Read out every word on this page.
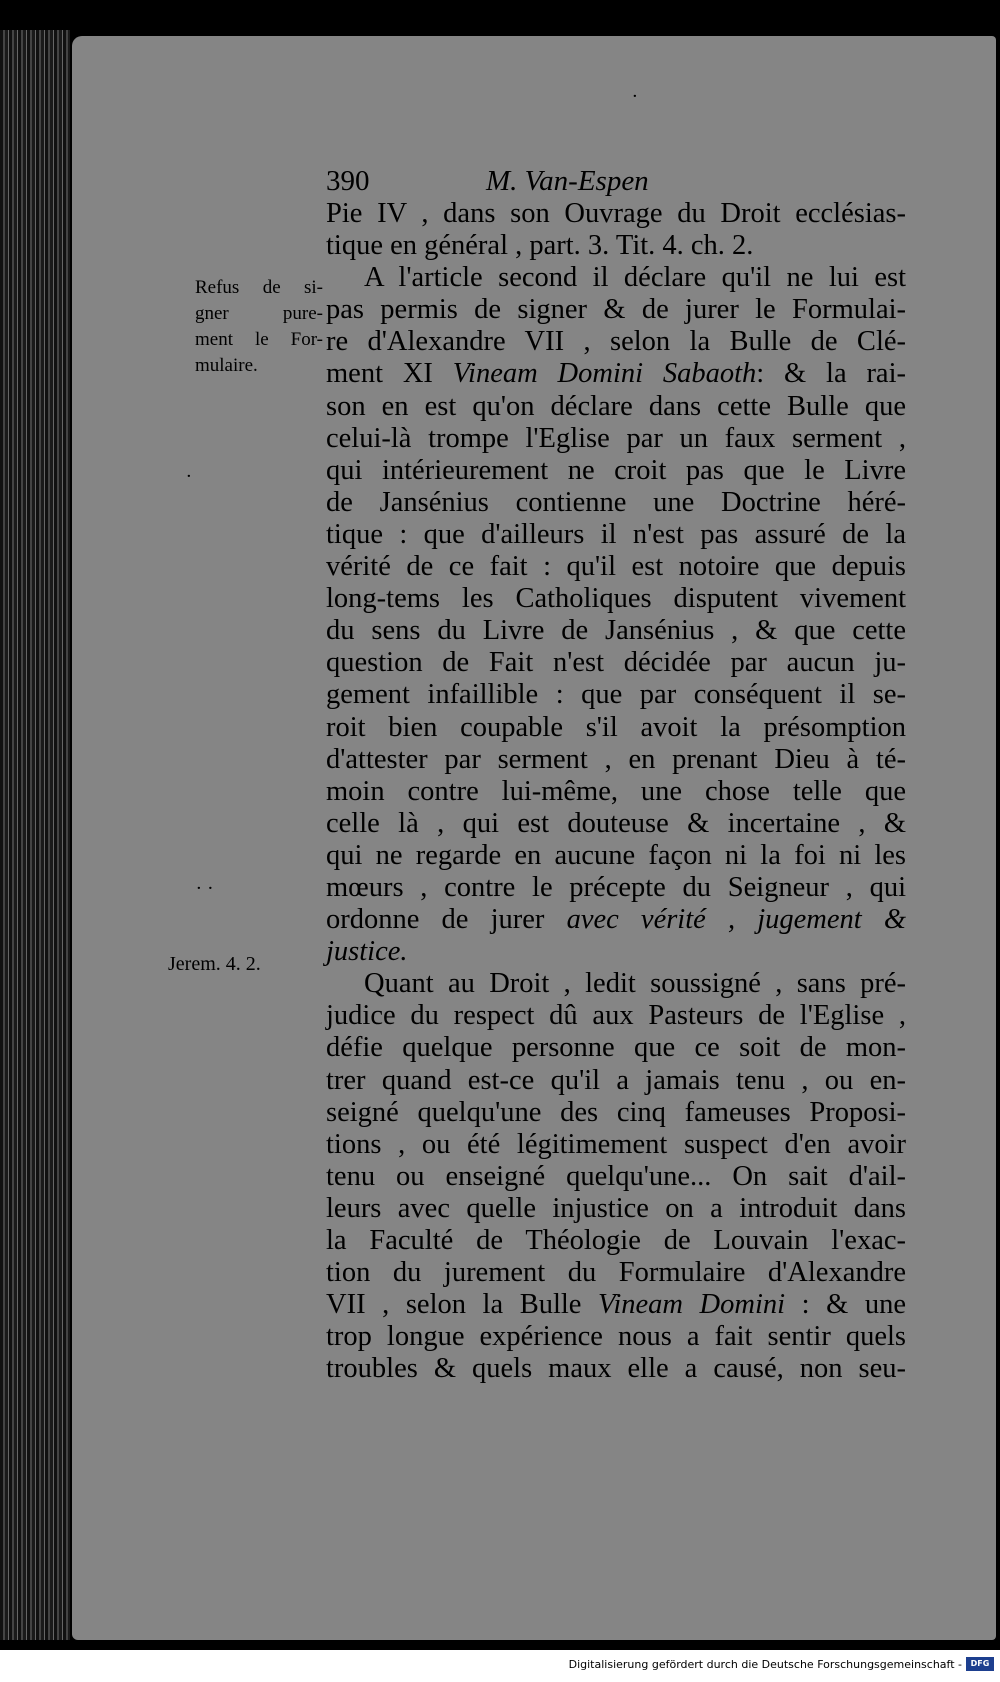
·
·
· ·
390	M. Van-Espen
Refus de si-
gner pure-
ment le For-
mulaire.
Jerem. 4. 2.
Pie IV , dans son Ouvrage du Droit ecclésias-
tique en général , part. 3. Tit. 4. ch. 2.
A l'article second il déclare qu'il ne lui est
pas permis de signer & de jurer le Formulai-
re d'Alexandre VII , selon la Bulle de Clé-
ment XI Vineam Domini Sabaoth: & la rai-
son en est qu'on déclare dans cette Bulle que
celui-là trompe l'Eglise par un faux serment ,
qui intérieurement ne croit pas que le Livre
de Jansénius contienne une Doctrine héré-
tique : que d'ailleurs il n'est pas assuré de la
vérité de ce fait : qu'il est notoire que depuis
long-tems les Catholiques disputent vivement
du sens du Livre de Jansénius , & que cette
question de Fait n'est décidée par aucun ju-
gement infaillible : que par conséquent il se-
roit bien coupable s'il avoit la présomption
d'attester par serment , en prenant Dieu à té-
moin contre lui-même, une chose telle que
celle là , qui est douteuse & incertaine , &
qui ne regarde en aucune façon ni la foi ni les
mœurs , contre le précepte du Seigneur , qui
ordonne de jurer avec vérité , jugement &
justice.
Quant au Droit , ledit soussigné , sans pré-
judice du respect dû aux Pasteurs de l'Eglise ,
défie quelque personne que ce soit de mon-
trer quand est-ce qu'il a jamais tenu , ou en-
seigné quelqu'une des cinq fameuses Proposi-
tions , ou été légitimement suspect d'en avoir
tenu ou enseigné quelqu'une... On sait d'ail-
leurs avec quelle injustice on a introduit dans
la Faculté de Théologie de Louvain l'exac-
tion du jurement du Formulaire d'Alexandre
VII , selon la Bulle Vineam Domini : & une
trop longue expérience nous a fait sentir quels
troubles & quels maux elle a causé, non seu-
Digitalisierung gefördert durch die Deutsche Forschungsgemeinschaft -	DFG
